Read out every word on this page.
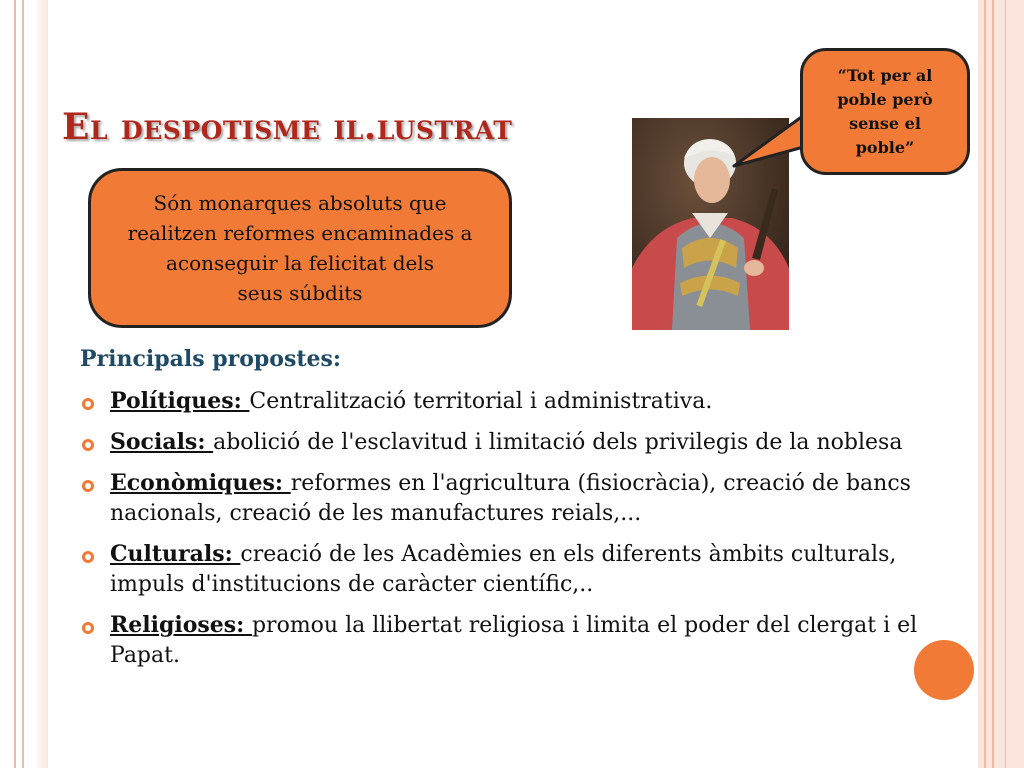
El despotisme il.lustrat
Són monarques absoluts que
realitzen reformes encaminades a
aconseguir la felicitat dels
seus súbdits
“Tot per al
poble però
sense el
poble”
Principals propostes:
Polítiques: Centralització territorial i administrativa.
Socials: abolició de l'esclavitud i limitació dels privilegis de la noblesa
Econòmiques: reformes en l'agricultura (fisiocràcia), creació de bancs nacionals, creació de les manufactures reials,...
Culturals: creació de les Acadèmies en els diferents àmbits culturals, impuls d'institucions de caràcter científic,..
Religioses: promou la llibertat religiosa i limita el poder del clergat i el Papat.
